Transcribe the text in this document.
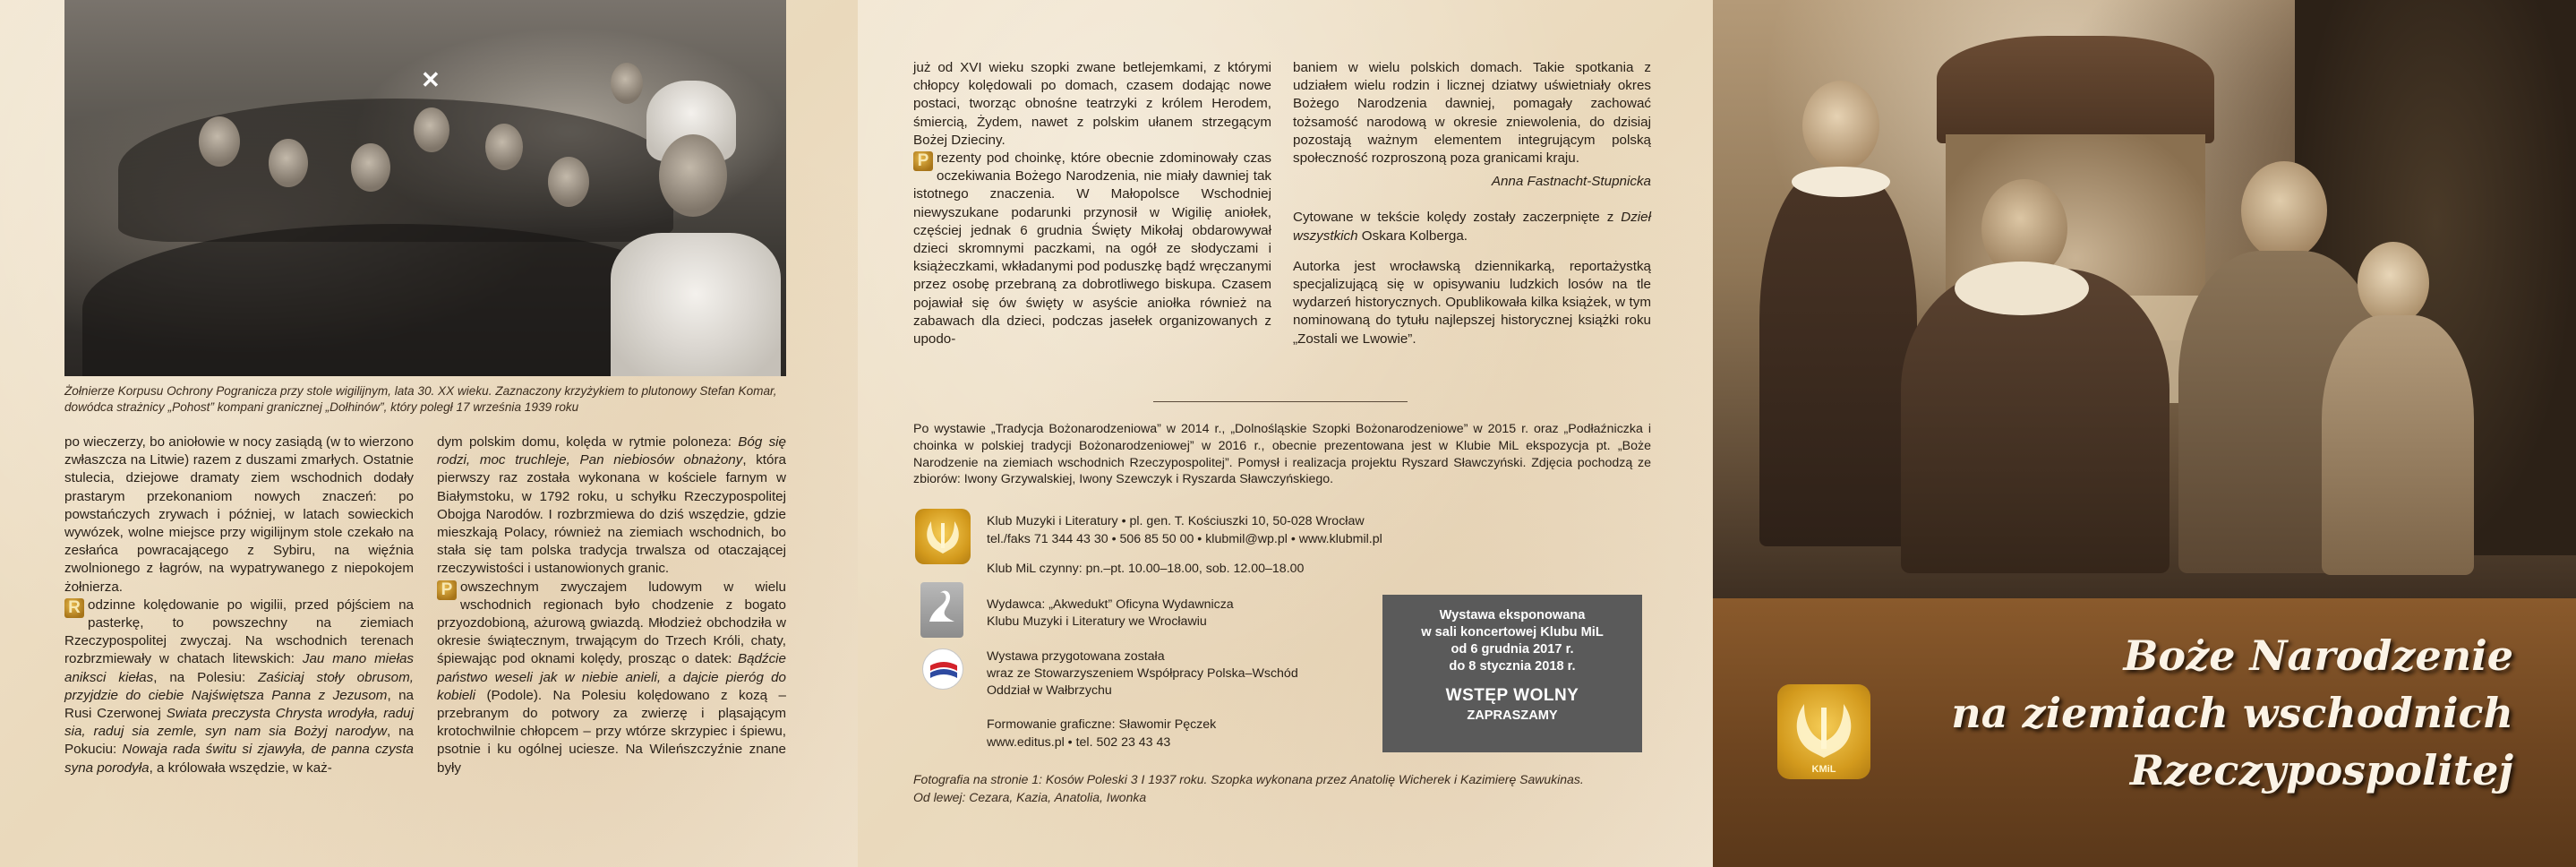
✕

Żołnierze Korpusu Ochrony Pogranicza przy stole wigilijnym, lata 30. XX wieku. Zaznaczony krzyżykiem to plutonowy Stefan Komar, dowódca strażnicy „Pohost” kompani granicznej „Dołhinów”, który poległ 17 września 1939 roku

po wieczerzy, bo aniołowie w nocy zasiądą (w to wierzono zwłaszcza na Litwie) razem z duszami zmarłych. Ostatnie stulecia, dziejowe dramaty ziem wschodnich dodały prastarym przekonaniom nowych znaczeń: po powstańczych zrywach i później, w latach sowieckich wywózek, wolne miejsce przy wigilijnym stole czekało na zesłańca powracającego z Sybiru, na więźnia zwolnionego z łagrów, na wypatrywanego z niepokojem żołnierza.

R odzinne kolędowanie po wigilii, przed pójściem na pasterkę, to powszechny na ziemiach Rzeczypospolitej zwyczaj. Na wschodnich terenach rozbrzmiewały w chatach litewskich: Jau mano miełas aniksci kiełas, na Polesiu: Zaśiciaj stoły obrusom, przyjdzie do ciebie Najświętsza Panna z Jezusom, na Rusi Czerwonej Swiata preczysta Chrysta wrodyła, raduj sia, raduj sia zemle, syn nam sia Bożyj narodyw, na Pokuciu: Nowaja rada świtu si zjawyła, de panna czysta syna porodyła, a królowała wszędzie, w każ-

dym polskim domu, kolęda w rytmie poloneza: Bóg się rodzi, moc truchleje, Pan niebiosów obnażony, która pierwszy raz została wykonana w kościele farnym w Białymstoku, w 1792 roku, u schyłku Rzeczypospolitej Obojga Narodów. I rozbrzmiewa do dziś wszędzie, gdzie mieszkają Polacy, również na ziemiach wschodnich, bo stała się tam polska tradycja trwalsza od otaczającej rzeczywistości i ustanowionych granic.

P owszechnym zwyczajem ludowym w wielu wschodnich regionach było chodzenie z bogato przyozdobioną, ażurową gwiazdą. Młodzież obchodziła w okresie świątecznym, trwającym do Trzech Króli, chaty, śpiewając pod oknami kolędy, prosząc o datek: Bądźcie państwo weseli jak w niebie anieli, a dajcie pieróg do kobieli (Podole). Na Polesiu kolędowano z kozą – przebranym do potwory za zwierzę i pląsającym krotochwilnie chłopcem – przy wtórze skrzypiec i śpiewu, psotnie i ku ogólnej uciesze. Na Wileńszczyźnie znane były

już od XVI wieku szopki zwane betlejemkami, z którymi chłopcy kolędowali po domach, czasem dodając nowe postaci, tworząc obnośne teatrzyki z królem Herodem, śmiercią, Żydem, nawet z polskim ułanem strzegącym Bożej Dzieciny.

P rezenty pod choinkę, które obecnie zdominowały czas oczekiwania Bożego Narodzenia, nie miały dawniej tak istotnego znaczenia. W Małopolsce Wschodniej niewyszukane podarunki przynosił w Wigilię aniołek, częściej jednak 6 grudnia Święty Mikołaj obdarowywał dzieci skromnymi paczkami, na ogół ze słodyczami i książeczkami, wkładanymi pod poduszkę bądź wręczanymi przez osobę przebraną za dobrotliwego biskupa. Czasem pojawiał się ów święty w asyście aniołka również na zabawach dla dzieci, podczas jasełek organizowanych z upodo-

baniem w wielu polskich domach. Takie spotkania z udziałem wielu rodzin i licznej dziatwy uświetniały okres Bożego Narodzenia dawniej, pomagały zachować tożsamość narodową w okresie zniewolenia, do dzisiaj pozostają ważnym elementem integrującym polską społeczność rozproszoną poza granicami kraju.

Anna Fastnacht-Stupnicka

Cytowane w tekście kolędy zostały zaczerpnięte z Dzieł wszystkich Oskara Kolberga.

Autorka jest wrocławską dziennikarką, reportażystką specjalizującą się w opisywaniu ludzkich losów na tle wydarzeń historycznych. Opublikowała kilka książek, w tym nominowaną do tytułu najlepszej historycznej książki roku „Zostali we Lwowie”.

Po wystawie „Tradycja Bożonarodzeniowa” w 2014 r., „Dolnośląskie Szopki Bożonarodzeniowe” w 2015 r. oraz „Podłaźniczka i choinka w polskiej tradycji Bożonarodzeniowej” w 2016 r., obecnie prezentowana jest w Klubie MiL ekspozycja pt. „Boże Narodzenie na ziemiach wschodnich Rzeczypospolitej”. Pomysł i realizacja projektu Ryszard Sławczyński. Zdjęcia pochodzą ze zbiorów: Iwony Grzywalskiej, Iwony Szewczyk i Ryszarda Sławczyńskiego.

Klub Muzyki i Literatury • pl. gen. T. Kościuszki 10, 50-028 Wrocław

tel./faks 71 344 43 30 • 506 85 50 00 • klubmil@wp.pl • www.klubmil.pl

Klub MiL czynny: pn.–pt. 10.00–18.00, sob. 12.00–18.00

Wydawca: „Akwedukt” Oficyna Wydawnicza

Klubu Muzyki i Literatury we Wrocławiu

Wystawa przygotowana została

wraz ze Stowarzyszeniem Współpracy Polska–Wschód

Oddział w Wałbrzychu

Formowanie graficzne: Sławomir Pęczek

www.editus.pl • tel. 502 23 43 43

Wystawa eksponowana
w sali koncertowej Klubu MiL
od 6 grudnia 2017 r.
do 8 stycznia 2018 r.
WSTĘP WOLNY
ZAPRASZAMY

Fotografia na stronie 1: Kosów Poleski 3 I 1937 roku. Szopka wykonana przez Anatolię Wicherek i Kazimierę Sawukinas.

Od lewej: Cezara, Kazia, Anatolia, Iwonka

KMiL
Boże Narodzenie
na ziemiach wschodnich
Rzeczypospolitej
